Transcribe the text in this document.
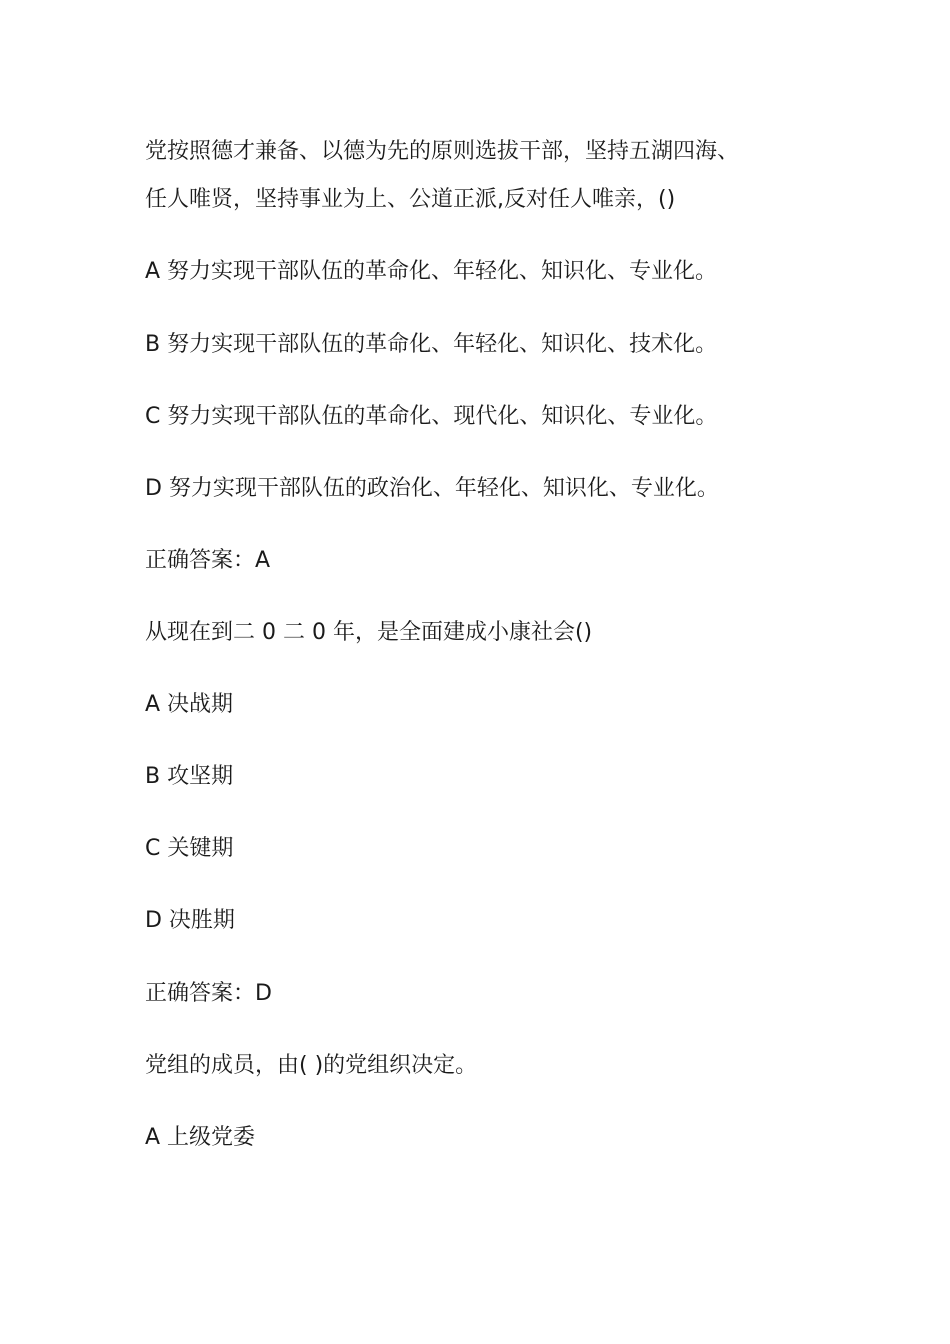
党按照德才兼备、以德为先的原则选拔干部，坚持五湖四海、

任人唯贤，坚持事业为上、公道正派,反对任人唯亲，()

A 努力实现干部队伍的革命化、年轻化、知识化、专业化。

B 努力实现干部队伍的革命化、年轻化、知识化、技术化。

C 努力实现干部队伍的革命化、现代化、知识化、专业化。

D 努力实现干部队伍的政治化、年轻化、知识化、专业化。

正确答案：A

从现在到二 0 二 0 年，是全面建成小康社会()

A 决战期

B 攻坚期

C 关键期

D 决胜期

正确答案：D

党组的成员，由( )的党组织决定。

A 上级党委
